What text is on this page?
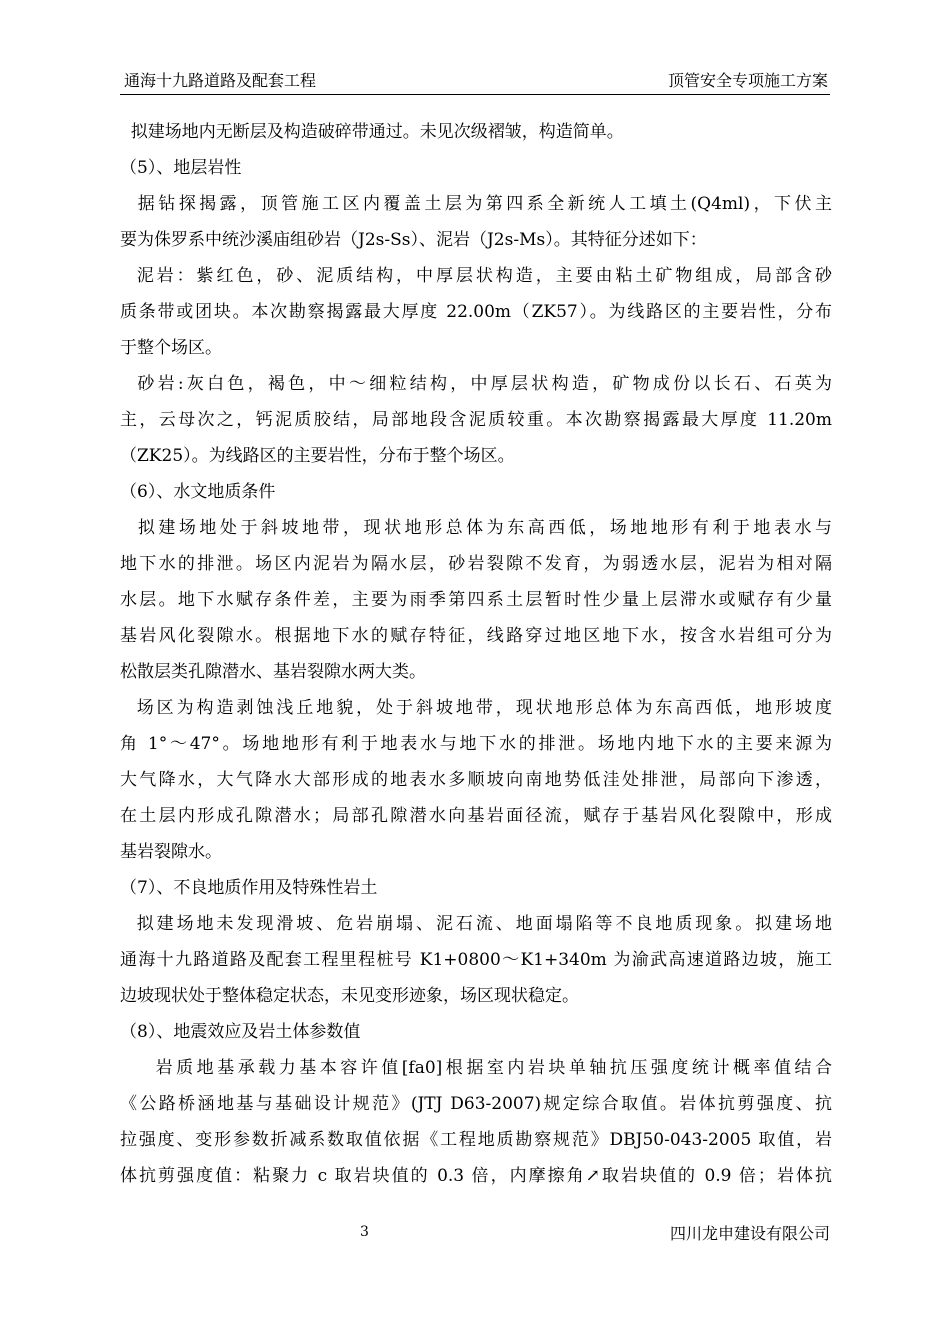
通海十九路道路及配套工程	顶管安全专项施工方案
拟建场地内无断层及构造破碎带通过。未见次级褶皱，构造简单。
（5）、地层岩性
据钻探揭露，顶管施工区内覆盖土层为第四系全新统人工填土(Q4ml)，下伏主
要为侏罗系中统沙溪庙组砂岩（J2s-Ss）、泥岩（J2s-Ms）。其特征分述如下：
泥岩：紫红色，砂、泥质结构，中厚层状构造，主要由粘土矿物组成，局部含砂
质条带或团块。本次勘察揭露最大厚度 22.00m（ZK57）。为线路区的主要岩性，分布
于整个场区。
砂岩:灰白色，褐色，中～细粒结构，中厚层状构造，矿物成份以长石、石英为
主，云母次之，钙泥质胶结，局部地段含泥质较重。本次勘察揭露最大厚度 11.20m
（ZK25）。为线路区的主要岩性，分布于整个场区。
（6）、水文地质条件
拟建场地处于斜坡地带，现状地形总体为东高西低，场地地形有利于地表水与
地下水的排泄。场区内泥岩为隔水层，砂岩裂隙不发育，为弱透水层，泥岩为相对隔
水层。地下水赋存条件差，主要为雨季第四系土层暂时性少量上层滞水或赋存有少量
基岩风化裂隙水。根据地下水的赋存特征，线路穿过地区地下水，按含水岩组可分为
松散层类孔隙潜水、基岩裂隙水两大类。
场区为构造剥蚀浅丘地貌，处于斜坡地带，现状地形总体为东高西低，地形坡度
角 1°～47°。场地地形有利于地表水与地下水的排泄。场地内地下水的主要来源为
大气降水，大气降水大部形成的地表水多顺坡向南地势低洼处排泄，局部向下渗透，
在土层内形成孔隙潜水；局部孔隙潜水向基岩面径流，赋存于基岩风化裂隙中，形成
基岩裂隙水。
（7）、不良地质作用及特殊性岩土
拟建场地未发现滑坡、危岩崩塌、泥石流、地面塌陷等不良地质现象。拟建场地
通海十九路道路及配套工程里程桩号 K1+0800～K1+340m 为渝武高速道路边坡，施工
边坡现状处于整体稳定状态，未见变形迹象，场区现状稳定。
（8）、地震效应及岩土体参数值
岩质地基承载力基本容许值[fa0]根据室内岩块单轴抗压强度统计概率值结合
《公路桥涵地基与基础设计规范》(JTJ D63-2007)规定综合取值。岩体抗剪强度、抗
拉强度、变形参数折减系数取值依据《工程地质勘察规范》DBJ50-043-2005 取值，岩
体抗剪强度值：粘聚力 c 取岩块值的 0.3 倍，内摩擦角↗取岩块值的 0.9 倍；岩体抗
3	四川龙申建设有限公司
